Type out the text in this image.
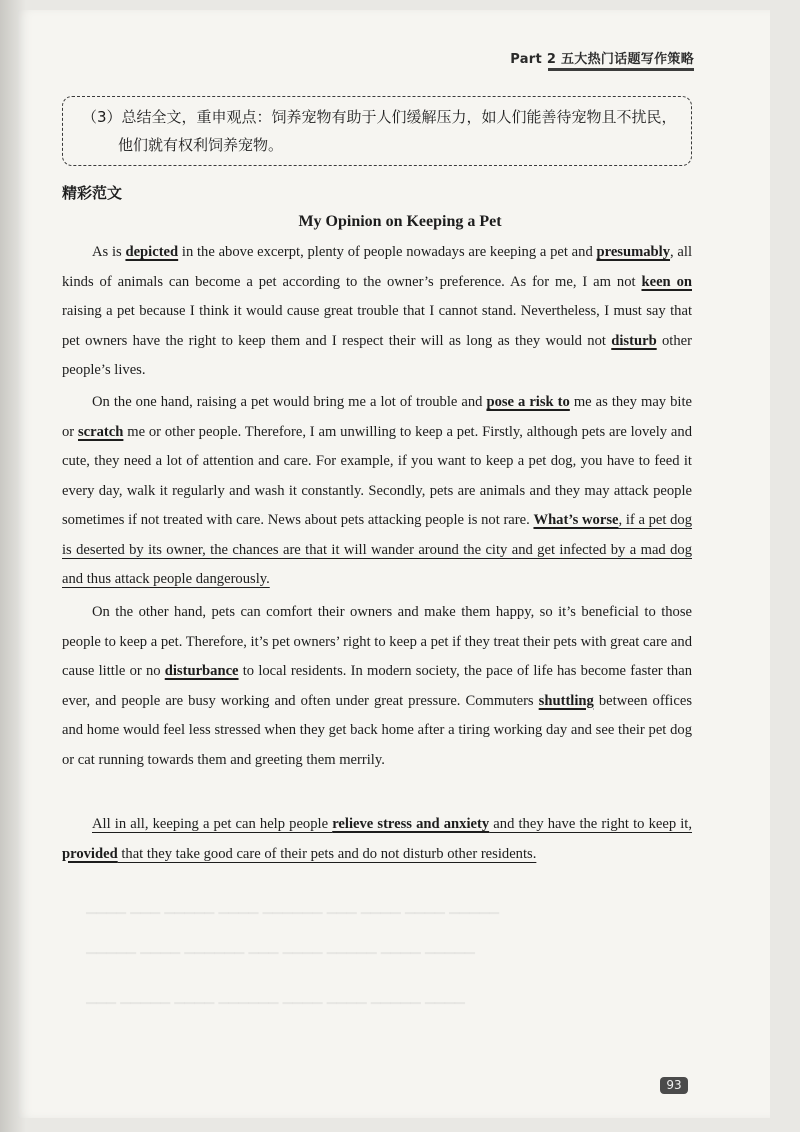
Part 2 五大热门话题写作策略
（3）总结全文，重申观点：饲养宠物有助于人们缓解压力，如人们能善待宠物且不扰民，
他们就有权利饲养宠物。
精彩范文
My Opinion on Keeping a Pet
As is depicted in the above excerpt, plenty of people nowadays are keeping a pet and presumably, all kinds of animals can become a pet according to the owner’s preference. As for me, I am not keen on raising a pet because I think it would cause great trouble that I cannot stand. Nevertheless, I must say that pet owners have the right to keep them and I respect their will as long as they would not disturb other people’s lives.
On the one hand, raising a pet would bring me a lot of trouble and pose a risk to me as they may bite or scratch me or other people. Therefore, I am unwilling to keep a pet. Firstly, although pets are lovely and cute, they need a lot of attention and care. For example, if you want to keep a pet dog, you have to feed it every day, walk it regularly and wash it constantly. Secondly, pets are animals and they may attack people sometimes if not treated with care. News about pets attacking people is not rare. What’s worse, if a pet dog is deserted by its owner, the chances are that it will wander around the city and get infected by a mad dog and thus attack people dangerously.
On the other hand, pets can comfort their owners and make them happy, so it’s beneficial to those people to keep a pet. Therefore, it’s pet owners’ right to keep a pet if they treat their pets with great care and cause little or no disturbance to local residents. In modern society, the pace of life has become faster than ever, and people are busy working and often under great pressure. Commuters shuttling between offices and home would feel less stressed when they get back home after a tiring working day and see their pet dog or cat running towards them and greeting them merrily.
All in all, keeping a pet can help people relieve stress and anxiety and they have the right to keep it, provided that they take good care of their pets and do not disturb other residents.
▁▁▁▁ ▁▁▁ ▁▁▁▁▁ ▁▁▁▁ ▁▁▁▁▁▁ ▁▁▁ ▁▁▁▁ ▁▁▁▁ ▁▁▁▁▁
▁▁▁▁▁ ▁▁▁▁ ▁▁▁▁▁▁ ▁▁▁ ▁▁▁▁ ▁▁▁▁▁ ▁▁▁▁ ▁▁▁▁▁
▁▁▁ ▁▁▁▁▁ ▁▁▁▁ ▁▁▁▁▁▁ ▁▁▁▁ ▁▁▁▁ ▁▁▁▁▁ ▁▁▁▁
93
